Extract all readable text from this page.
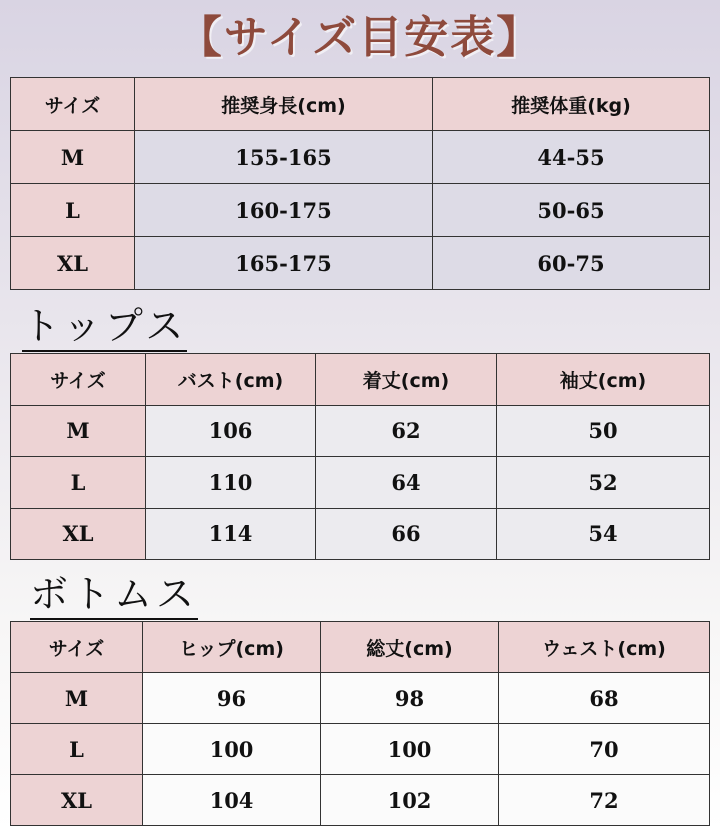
【サイズ目安表】
サイズ	推奨身長(cm)	推奨体重(kg)
M	155-165	44-55
L	160-175	50-65
XL	165-175	60-75
トップス
サイズ	バスト(cm)	着丈(cm)	袖丈(cm)
M	106	62	50
L	110	64	52
XL	114	66	54
ボトムス
サイズ	ヒップ(cm)	総丈(cm)	ウェスト(cm)
M	96	98	68
L	100	100	70
XL	104	102	72
